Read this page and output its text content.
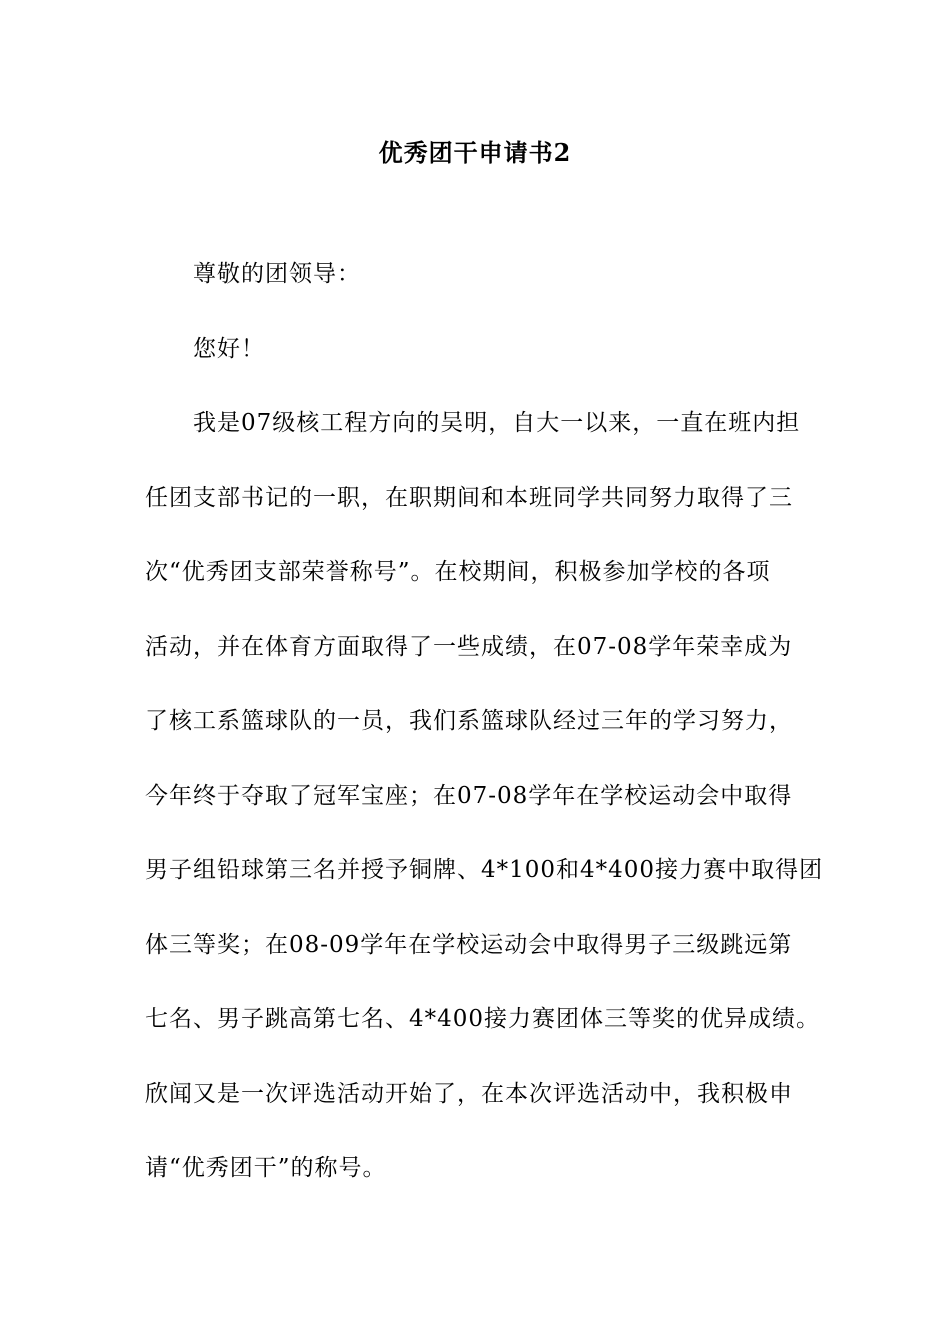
优秀团干申请书2
尊敬的团领导：
您好！
我是07级核工程方向的吴明，自大一以来，一直在班内担
任团支部书记的一职，在职期间和本班同学共同努力取得了三
次“优秀团支部荣誉称号”。在校期间，积极参加学校的各项
活动，并在体育方面取得了一些成绩，在07-08学年荣幸成为
了核工系篮球队的一员，我们系篮球队经过三年的学习努力，
今年终于夺取了冠军宝座；在07-08学年在学校运动会中取得
男子组铅球第三名并授予铜牌、4*100和4*400接力赛中取得团
体三等奖；在08-09学年在学校运动会中取得男子三级跳远第
七名、男子跳高第七名、4*400接力赛团体三等奖的优异成绩。
欣闻又是一次评选活动开始了，在本次评选活动中，我积极申
请“优秀团干”的称号。
